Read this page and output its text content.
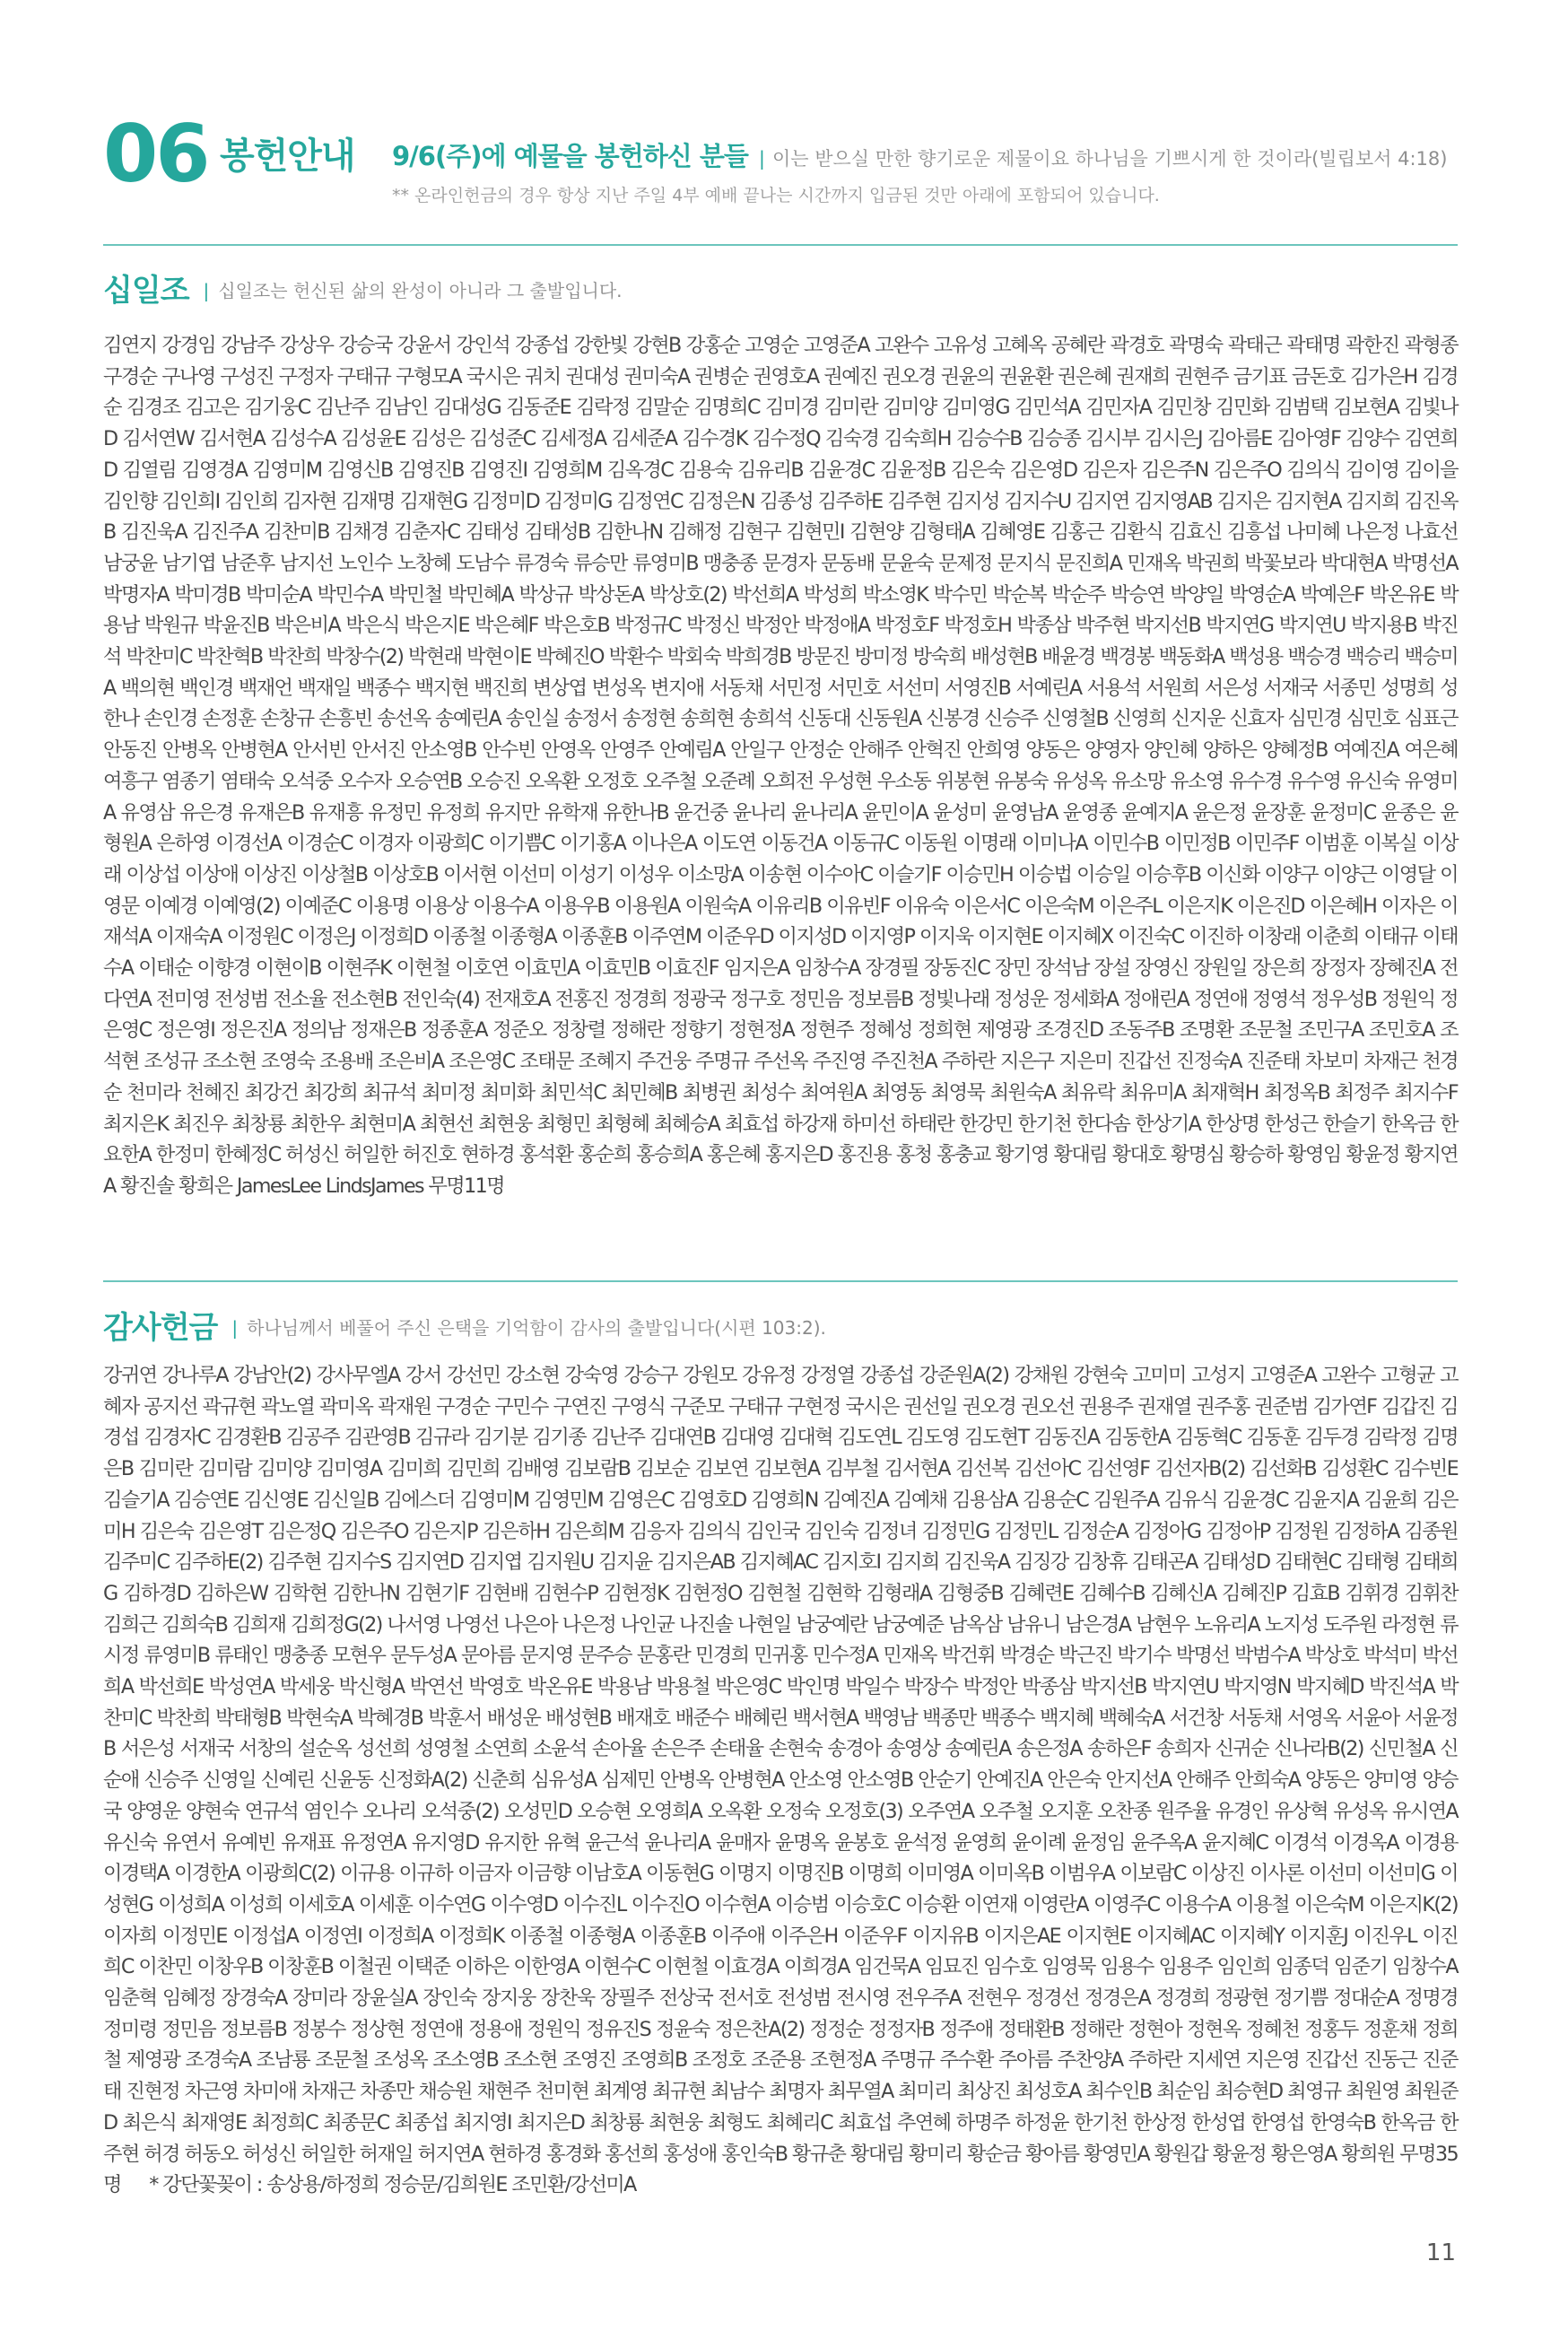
06 봉헌안내 9/6(주)에 예물을 봉헌하신 분들 | 이는 받으실 만한 향기로운 제물이요 하나님을 기쁘시게 한 것이라(빌립보서 4:18)
** 온라인헌금의 경우 항상 지난 주일 4부 예배 끝나는 시간까지 입금된 것만 아래에 포함되어 있습니다.
십일조 | 십일조는 헌신된 삶의 완성이 아니라 그 출발입니다.
김연지 강경임 강남주 강상우 강승국 강윤서 강인석 강종섭 강한빛 강현B 강홍순 고영순 고영준A 고완수 고유성 고혜옥 공혜란 곽경호 곽명숙 곽태근 곽태명 곽한진 곽형종 구경순 구나영 구성진 구정자 구태규 구형모A 국시은 궈치 권대성 권미숙A 권병순 권영호A 권예진 권오경 권윤의 권윤환 권은혜 권재희 권현주 금기표 금돈호 김가은H 김경순 김경조 김고은 김기웅C 김난주 김남인 김대성G 김동준E 김락정 김말순 김명희C 김미경 김미란 김미양 김미영G 김민석A 김민자A 김민창 김민화 김범택 김보현A 김빛나D 김서연W 김서현A 김성수A 김성윤E 김성은 김성준C 김세정A 김세준A 김수경K 김수정Q 김숙경 김숙희H 김승수B 김승종 김시부 김시은J 김아름E 김아영F 김양수 김연희D 김열림 김영경A 김영미M 김영신B 김영진B 김영진I 김영희M 김옥경C 김용숙 김유리B 김윤경C 김윤정B 김은숙 김은영D 김은자 김은주N 김은주O 김의식 김이영 김이을 김인향 김인희I 김인희 김자현 김재명 김재현G 김정미D 김정미G 김정연C 김정은N 김종성 김주하E 김주현 김지성 김지수U 김지연 김지영AB 김지은 김지현A 김지희 김진옥B 김진욱A 김진주A 김찬미B 김채경 김춘자C 김태성 김태성B 김한나N 김해정 김현구 김현민I 김현양 김형태A 김혜영E 김홍근 김환식 김효신 김흥섭 나미혜 나은정 나효선 남궁윤 남기엽 남준후 남지선 노인수 노창혜 도남수 류경숙 류승만 류영미B 맹충종 문경자 문동배 문윤숙 문제정 문지식 문진희A 민재옥 박권희 박꽃보라 박대현A 박명선A 박명자A 박미경B 박미순A 박민수A 박민철 박민혜A 박상규 박상돈A 박상호(2) 박선희A 박성희 박소영K 박수민 박순복 박순주 박승연 박양일 박영순A 박예은F 박온유E 박용남 박원규 박윤진B 박은비A 박은식 박은지E 박은혜F 박은호B 박정규C 박정신 박정안 박정애A 박정호F 박정호H 박종삼 박주현 박지선B 박지연G 박지연U 박지용B 박진석 박찬미C 박찬혁B 박찬희 박창수(2) 박현래 박현이E 박혜진O 박환수 박회숙 박희경B 방문진 방미정 방숙희 배성현B 배윤경 백경봉 백동화A 백성용 백승경 백승리 백승미A 백의현 백인경 백재언 백재일 백종수 백지현 백진희 변상엽 변성옥 변지애 서동채 서민정 서민호 서선미 서영진B 서예린A 서용석 서원희 서은성 서재국 서종민 성명희 성한나 손인경 손정훈 손창규 손흥빈 송선옥 송예린A 송인실 송정서 송정현 송희현 송희석 신동대 신동원A 신봉경 신승주 신영철B 신영희 신지운 신효자 심민경 심민호 심표근 안동진 안병옥 안병현A 안서빈 안서진 안소영B 안수빈 안영옥 안영주 안예림A 안일구 안정순 안해주 안혁진 안희영 양동은 양영자 양인혜 양하은 양혜정B 여예진A 여은혜 여흥구 염종기 염태숙 오석중 오수자 오승연B 오승진 오옥환 오정호 오주철 오준례 오희전 우성현 우소동 위봉현 유봉숙 유성옥 유소망 유소영 유수경 유수영 유신숙 유영미A 유영삼 유은경 유재은B 유재흥 유정민 유정희 유지만 유학재 유한나B 윤건중 윤나리 윤나리A 윤민이A 윤성미 윤영남A 윤영종 윤예지A 윤은정 윤장훈 윤정미C 윤종은 윤형원A 은하영 이경선A 이경순C 이경자 이광희C 이기쁨C 이기홍A 이나은A 이도연 이동건A 이동규C 이동원 이명래 이미나A 이민수B 이민정B 이민주F 이범훈 이복실 이상래 이상섭 이상애 이상진 이상철B 이상호B 이서현 이선미 이성기 이성우 이소망A 이송현 이수아C 이슬기F 이승민H 이승법 이승일 이승후B 이신화 이양구 이양근 이영달 이영문 이예경 이예영(2) 이예준C 이용명 이용상 이용수A 이용우B 이용원A 이원숙A 이유리B 이유빈F 이유숙 이은서C 이은숙M 이은주L 이은지K 이은진D 이은혜H 이자은 이재석A 이재숙A 이정원C 이정은J 이정희D 이종철 이종형A 이종훈B 이주연M 이준우D 이지성D 이지영P 이지욱 이지현E 이지혜X 이진숙C 이진하 이창래 이춘희 이태규 이태수A 이태순 이향경 이현이B 이현주K 이현철 이호연 이효민A 이효민B 이효진F 임지은A 임창수A 장경필 장동진C 장민 장석남 장설 장영신 장원일 장은희 장정자 장혜진A 전다연A 전미영 전성범 전소율 전소현B 전인숙(4) 전재호A 전홍진 정경희 정광국 정구호 정민음 정보름B 정빛나래 정성운 정세화A 정애린A 정연애 정영석 정우성B 정원익 정은영C 정은영I 정은진A 정의남 정재은B 정종훈A 정준오 정창렬 정해란 정향기 정현정A 정현주 정혜성 정희현 제영광 조경진D 조동주B 조명환 조문철 조민구A 조민호A 조석현 조성규 조소현 조영숙 조용배 조은비A 조은영C 조태문 조혜지 주건웅 주명규 주선옥 주진영 주진천A 주하란 지은구 지은미 진갑선 진정숙A 진준태 차보미 차재근 천경순 천미라 천혜진 최강건 최강희 최규석 최미정 최미화 최민석C 최민혜B 최병권 최성수 최여원A 최영동 최영묵 최원숙A 최유락 최유미A 최재혁H 최정옥B 최정주 최지수F 최지은K 최진우 최창룡 최한우 최현미A 최현선 최현웅 최형민 최형혜 최혜승A 최효섭 하강재 하미선 하태란 한강민 한기천 한다솜 한상기A 한상명 한성근 한슬기 한옥금 한요한A 한정미 한혜정C 허성신 허일한 허진호 현하경 홍석환 홍순희 홍승희A 홍은혜 홍지은D 홍진용 홍청 홍충교 황기영 황대림 황대호 황명심 황승하 황영임 황윤정 황지연A 황진솔 황희은 JamesLee LindsJames 무명11명
감사헌금 | 하나님께서 베풀어 주신 은택을 기억함이 감사의 출발입니다(시편 103:2).
강귀연 강나루A 강남안(2) 강사무엘A 강서 강선민 강소현 강숙영 강승구 강원모 강유정 강정열 강종섭 강준원A(2) 강채원 강현숙 고미미 고성지 고영준A 고완수 고형균 고혜자 공지선 곽규현 곽노열 곽미옥 곽재원 구경순 구민수 구연진 구영식 구준모 구태규 구현정 국시은 권선일 권오경 권오선 권용주 권재열 권주홍 권준범 김가연F 김갑진 김경섭 김경자C 김경환B 김공주 김관영B 김규라 김기분 김기종 김난주 김대연B 김대영 김대혁 김도연L 김도영 김도현T 김동진A 김동한A 김동혁C 김동훈 김두경 김락정 김명은B 김미란 김미람 김미양 김미영A 김미희 김민희 김배영 김보람B 김보순 김보연 김보현A 김부철 김서현A 김선복 김선아C 김선영F 김선자B(2) 김선화B 김성환C 김수빈E 김슬기A 김승연E 김신영E 김신일B 김에스더 김영미M 김영민M 김영은C 김영호D 김영희N 김예진A 김예채 김용삼A 김용순C 김원주A 김유식 김윤경C 김윤지A 김윤희 김은미H 김은숙 김은영T 김은정Q 김은주O 김은지P 김은하H 김은희M 김응자 김의식 김인국 김인숙 김정녀 김정민G 김정민L 김정순A 김정아G 김정아P 김정원 김정하A 김종원 김주미C 김주하E(2) 김주현 김지수S 김지연D 김지엽 김지원U 김지윤 김지은AB 김지혜AC 김지호I 김지희 김진욱A 김징강 김창휴 김태곤A 김태성D 김태현C 김태형 김태희G 김하경D 김하은W 김학현 김한나N 김현기F 김현배 김현수P 김현정K 김현정O 김현철 김현학 김형래A 김형중B 김혜련E 김혜수B 김혜신A 김혜진P 김효B 김휘경 김휘찬 김희근 김희숙B 김희재 김희정G(2) 나서영 나영선 나은아 나은정 나인균 나진솔 나현일 남궁예란 남궁예준 남옥삼 남유니 남은경A 남현우 노유리A 노지성 도주원 라정현 류시정 류영미B 류태인 맹충종 모현우 문두성A 문아름 문지영 문주승 문홍란 민경희 민귀홍 민수정A 민재옥 박건휘 박경순 박근진 박기수 박명선 박범수A 박상호 박석미 박선희A 박선희E 박성연A 박세웅 박신형A 박연선 박영호 박온유E 박용남 박용철 박은영C 박인명 박일수 박장수 박정안 박종삼 박지선B 박지연U 박지영N 박지혜D 박진석A 박찬미C 박찬희 박태형B 박현숙A 박혜경B 박훈서 배성운 배성현B 배재호 배준수 배혜린 백서현A 백영남 백종만 백종수 백지혜 백혜숙A 서건창 서동채 서영옥 서윤아 서윤정B 서은성 서재국 서창의 설순옥 성선희 성영철 소연희 소윤석 손아율 손은주 손태율 손현숙 송경아 송영상 송예린A 송은정A 송하은F 송희자 신귀순 신나라B(2) 신민철A 신순애 신승주 신영일 신예린 신윤동 신정화A(2) 신춘희 심유성A 심제민 안병옥 안병현A 안소영 안소영B 안순기 안예진A 안은숙 안지선A 안해주 안희숙A 양동은 양미영 양승국 양영운 양현숙 연규석 염인수 오나리 오석중(2) 오성민D 오승현 오영희A 오옥환 오정숙 오정호(3) 오주연A 오주철 오지훈 오찬종 원주율 유경인 유상혁 유성옥 유시연A 유신숙 유연서 유예빈 유재표 유정연A 유지영D 유지한 유혁 윤근석 윤나리A 윤매자 윤명옥 윤봉호 윤석정 윤영희 윤이례 윤정임 윤주옥A 윤지혜C 이경석 이경옥A 이경용 이경택A 이경한A 이광희C(2) 이규용 이규하 이금자 이금향 이남호A 이동현G 이명지 이명진B 이명희 이미영A 이미옥B 이범우A 이보람C 이상진 이사론 이선미 이선미G 이성현G 이성희A 이성희 이세호A 이세훈 이수연G 이수영D 이수진L 이수진O 이수현A 이승범 이승호C 이승환 이연재 이영란A 이영주C 이용수A 이용철 이은숙M 이은지K(2) 이자희 이정민E 이정섭A 이정연I 이정희A 이정희K 이종철 이종형A 이종훈B 이주애 이주은H 이준우F 이지유B 이지은AE 이지현E 이지혜AC 이지혜Y 이지훈J 이진우L 이진희C 이찬민 이창우B 이창훈B 이철권 이택준 이하은 이한영A 이현수C 이현철 이효경A 이희경A 임건묵A 임묘진 임수호 임영묵 임용수 임용주 임인희 임종덕 임준기 임창수A 임춘혁 임혜정 장경숙A 장미라 장윤실A 장인숙 장지웅 장찬욱 장필주 전상국 전서호 전성범 전시영 전우주A 전현우 정경선 정경은A 정경희 정광현 정기쁨 정대순A 정명경 정미령 정민음 정보름B 정봉수 정상현 정연애 정용애 정원익 정유진S 정윤숙 정은찬A(2) 정정순 정정자B 정주애 정태환B 정해란 정현아 정현옥 정혜천 정홍두 정훈채 정희철 제영광 조경숙A 조남룡 조문철 조성옥 조소영B 조소현 조영진 조영희B 조정호 조준용 조현정A 주명규 주수환 주아름 주찬양A 주하란 지세연 지은영 진갑선 진동근 진준태 진현정 차근영 차미애 차재근 차종만 채승원 채현주 천미현 최계영 최규현 최남수 최명자 최무열A 최미리 최상진 최성호A 최수인B 최순임 최승현D 최영규 최원영 최원준D 최은식 최재영E 최정희C 최종문C 최종섭 최지영I 최지은D 최창룡 최현웅 최형도 최혜리C 최효섭 추연혜 하명주 하정윤 한기천 한상정 한성엽 한영섭 한영숙B 한옥금 한주현 허경 허동오 허성신 허일한 허재일 허지연A 현하경 홍경화 홍선희 홍성애 홍인숙B 황규춘 황대림 황미리 황순금 황아름 황영민A 황원갑 황윤정 황은영A 황희원 무명35명 * 강단꽃꽂이 : 송상용/하정희 정승문/김희원E 조민환/강선미A
11
